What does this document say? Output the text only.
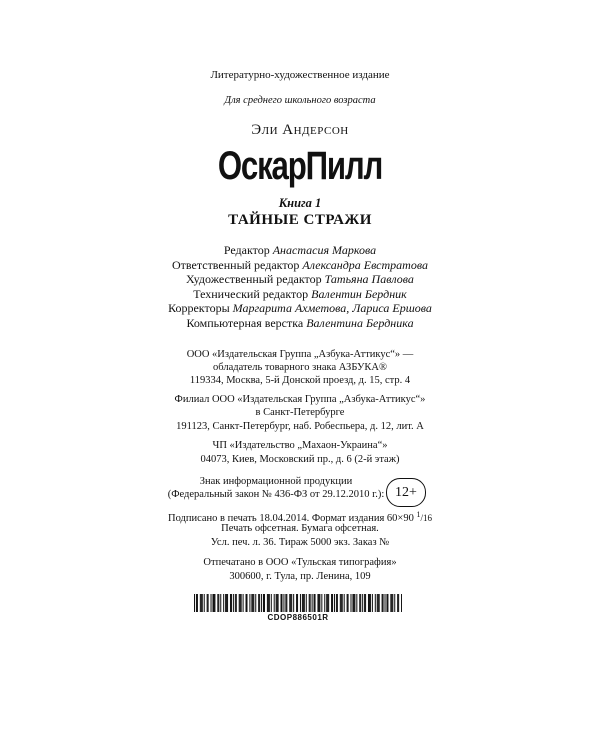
Литературно-художественное издание
Для среднего школьного возраста
Эли Андерсон
ОскарПилл
Книга 1
ТАЙНЫЕ СТРАЖИ
Редактор Анастасия Маркова
Ответственный редактор Александра Евстратова
Художественный редактор Татьяна Павлова
Технический редактор Валентин Бердник
Корректоры Маргарита Ахметова, Лариса Ершова
Компьютерная верстка Валентина Бердника
ООО «Издательская Группа „Азбука-Аттикус“» —
обладатель товарного знака АЗБУКА®
119334, Москва, 5-й Донской проезд, д. 15, стр. 4
Филиал ООО «Издательская Группа „Азбука-Аттикус“»
в Санкт-Петербурге
191123, Санкт-Петербург, наб. Робеспьера, д. 12, лит. А
ЧП «Издательство „Махаон-Украина“»
04073, Киев, Московский пр., д. 6 (2-й этаж)
Знак информационной продукции
(Федеральный закон № 436-ФЗ от 29.12.2010 г.): 12+
Подписано в печать 18.04.2014. Формат издания 60×90 $^1$/16
Печать офсетная. Бумага офсетная.
Усл. печ. л. 36. Тираж 5000 экз. Заказ №
Отпечатано в ООО «Тульская типография»
300600, г. Тула, пр. Ленина, 109
CDOP886501R
